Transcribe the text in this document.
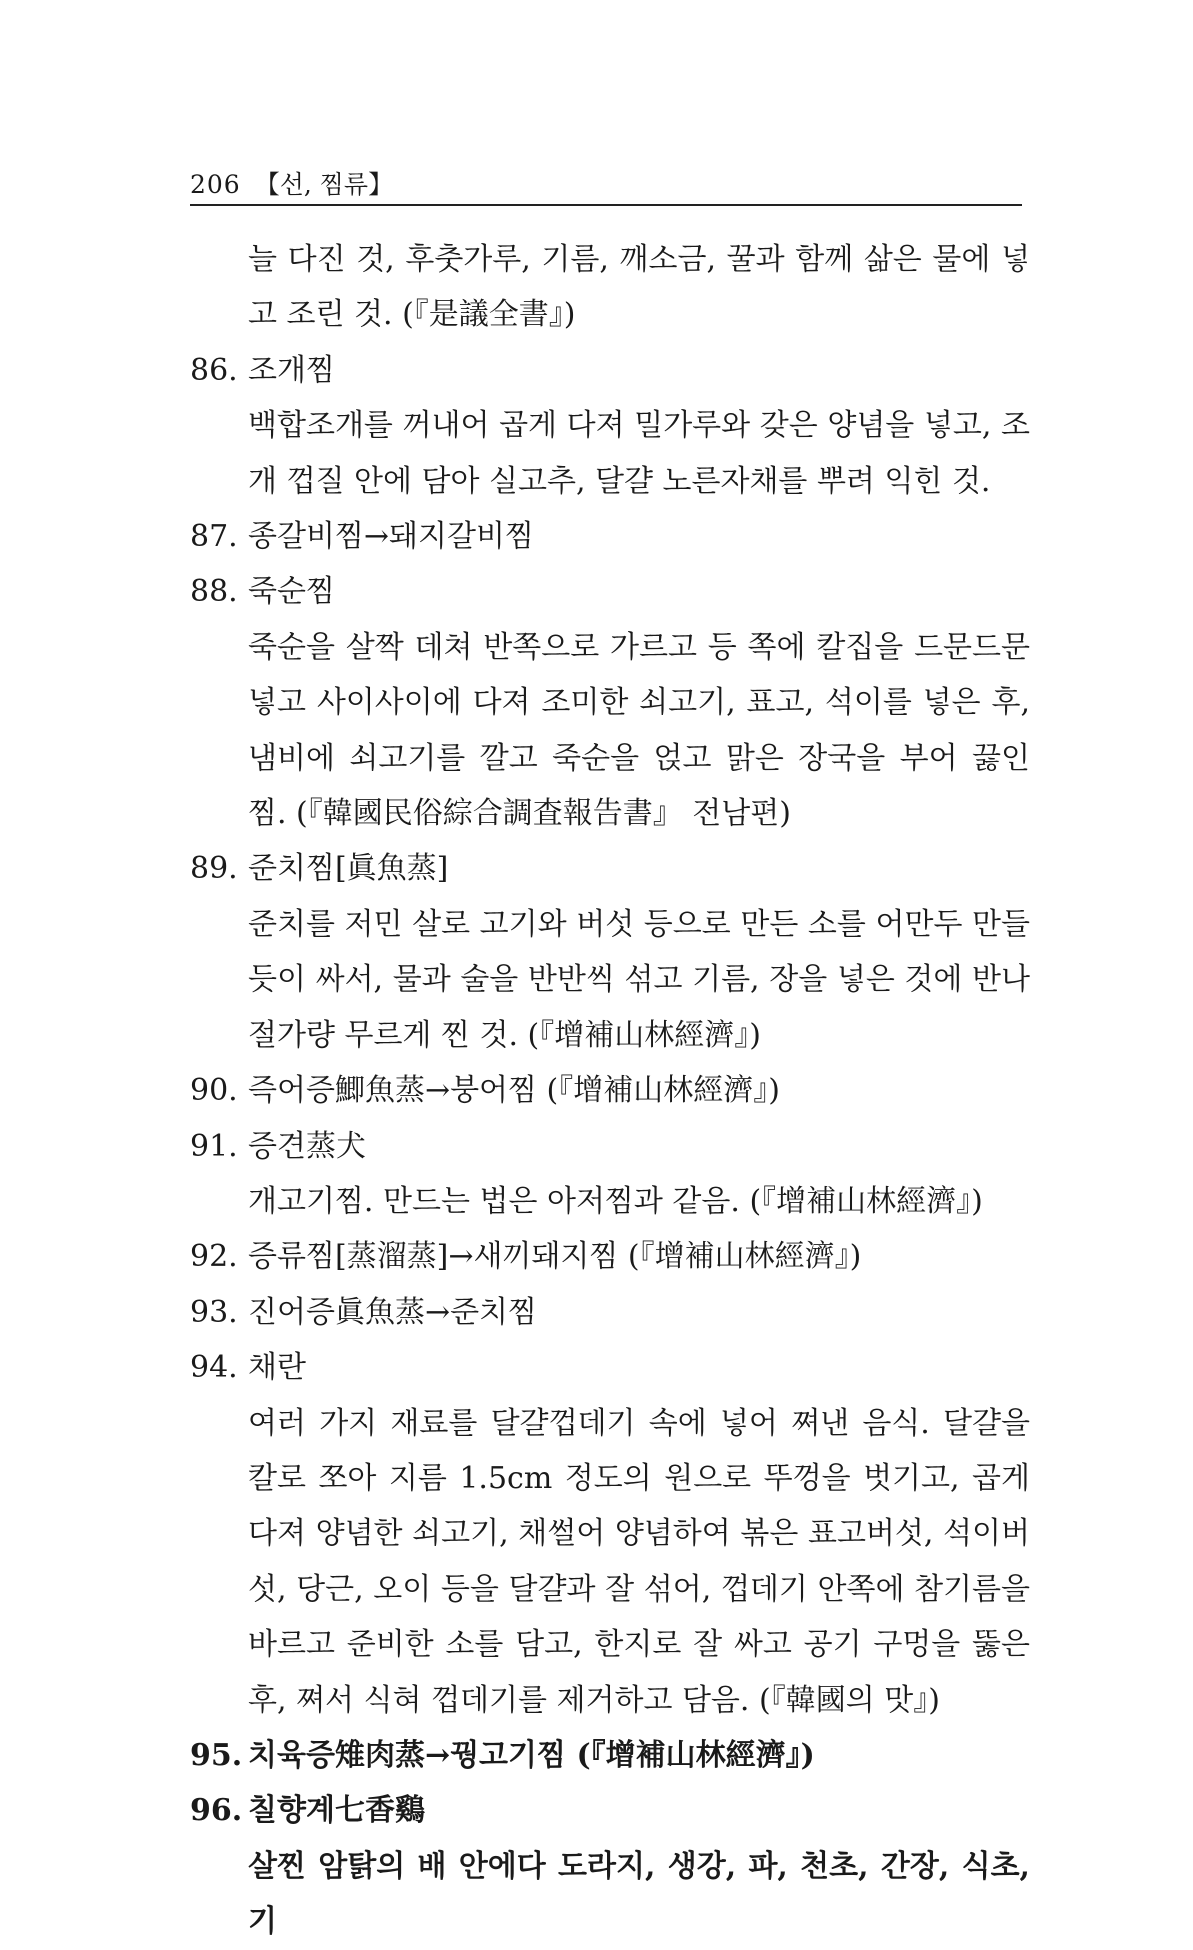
206 【선, 찜류】
늘 다진 것, 후춧가루, 기름, 깨소금, 꿀과 함께 삶은 물에 넣고 조린 것. (『是議全書』)
86. 조개찜
백합조개를 꺼내어 곱게 다져 밀가루와 갖은 양념을 넣고, 조개 껍질 안에 담아 실고추, 달걀 노른자채를 뿌려 익힌 것.
87. 종갈비찜→돼지갈비찜
88. 죽순찜
죽순을 살짝 데쳐 반쪽으로 가르고 등 쪽에 칼집을 드문드문 넣고 사이사이에 다져 조미한 쇠고기, 표고, 석이를 넣은 후, 냄비에 쇠고기를 깔고 죽순을 얹고 맑은 장국을 부어 끓인 찜. (『韓國民俗綜合調査報告書』 전남편)
89. 준치찜[眞魚蒸]
준치를 저민 살로 고기와 버섯 등으로 만든 소를 어만두 만들 듯이 싸서, 물과 술을 반반씩 섞고 기름, 장을 넣은 것에 반나절가량 무르게 찐 것. (『增補山林經濟』)
90. 즉어증鯽魚蒸→붕어찜 (『增補山林經濟』)
91. 증견蒸犬
개고기찜. 만드는 법은 아저찜과 같음. (『增補山林經濟』)
92. 증류찜[蒸溜蒸]→새끼돼지찜 (『增補山林經濟』)
93. 진어증眞魚蒸→준치찜
94. 채란
여러 가지 재료를 달걀껍데기 속에 넣어 쪄낸 음식. 달걀을 칼로 쪼아 지름 1.5cm 정도의 원으로 뚜껑을 벗기고, 곱게 다져 양념한 쇠고기, 채썰어 양념하여 볶은 표고버섯, 석이버섯, 당근, 오이 등을 달걀과 잘 섞어, 껍데기 안쪽에 참기름을 바르고 준비한 소를 담고, 한지로 잘 싸고 공기 구멍을 뚫은 후, 쪄서 식혀 껍데기를 제거하고 담음. (『韓國의 맛』)
95. 치육증雉肉蒸→꿩고기찜 (『增補山林經濟』)
96. 칠향계七香鷄
살찐 암탉의 배 안에다 도라지, 생강, 파, 천초, 간장, 식초, 기
